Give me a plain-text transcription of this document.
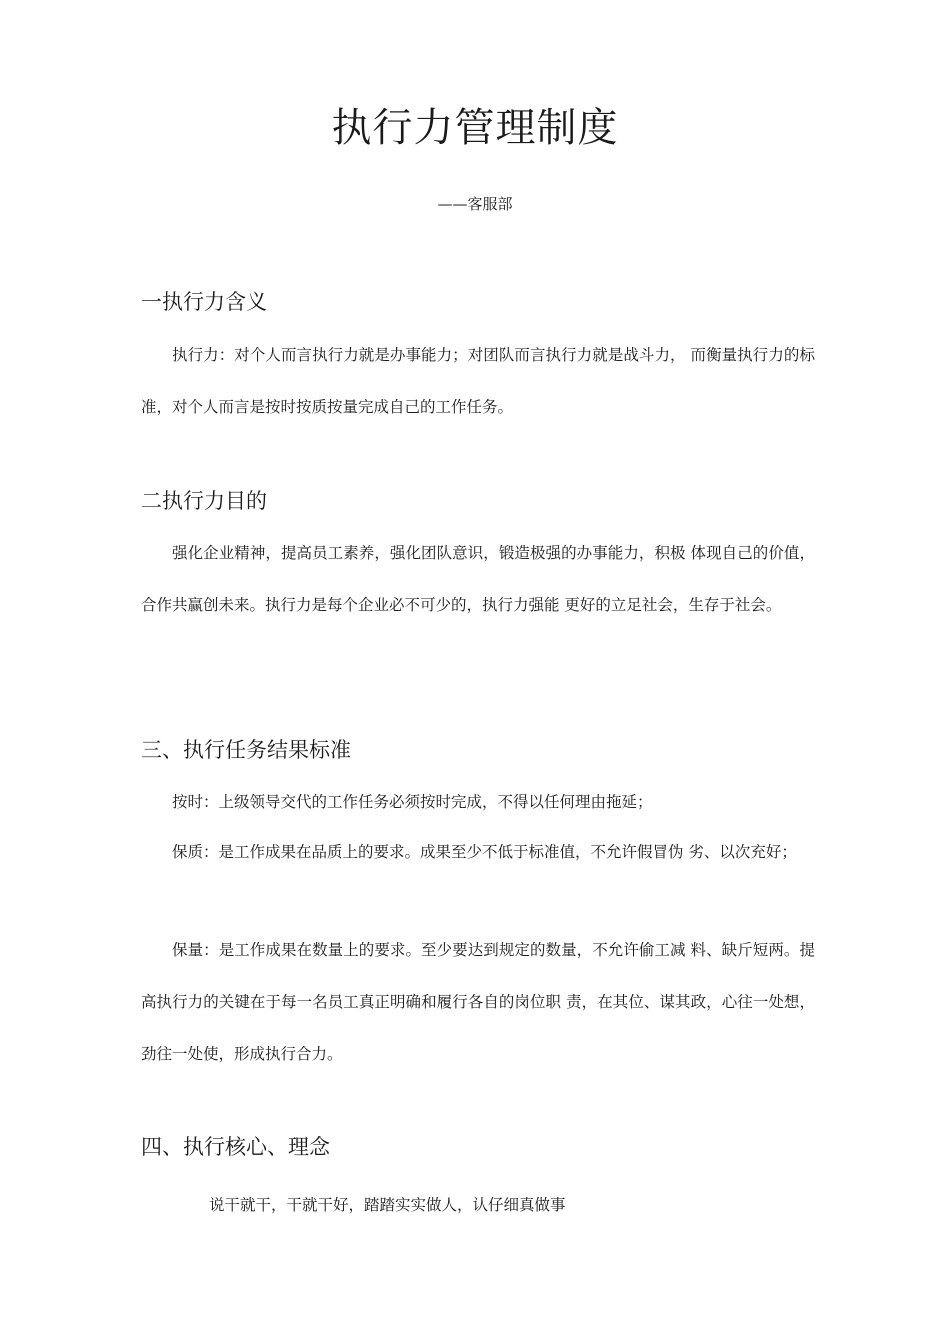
执行力管理制度
——客服部
一执行力含义
执行力：对个人而言执行力就是办事能力；对团队而言执行力就是战斗力， 而衡量执行力的标准，对个人而言是按时按质按量完成自己的工作任务。
二执行力目的
强化企业精神，提高员工素养，强化团队意识，锻造极强的办事能力，积极 体现自己的价值，合作共赢创未来。执行力是每个企业必不可少的，执行力强能 更好的立足社会，生存于社会。
三、执行任务结果标准
按时：上级领导交代的工作任务必须按时完成，不得以任何理由拖延；
保质：是工作成果在品质上的要求。成果至少不低于标准值，不允许假冒伪 劣、以次充好；
保量：是工作成果在数量上的要求。至少要达到规定的数量，不允许偷工减 料、缺斤短两。提高执行力的关键在于每一名员工真正明确和履行各自的岗位职 责，在其位、谋其政，心往一处想，劲往一处使，形成执行合力。
四、执行核心、理念
说干就干，干就干好，踏踏实实做人，认仔细真做事
